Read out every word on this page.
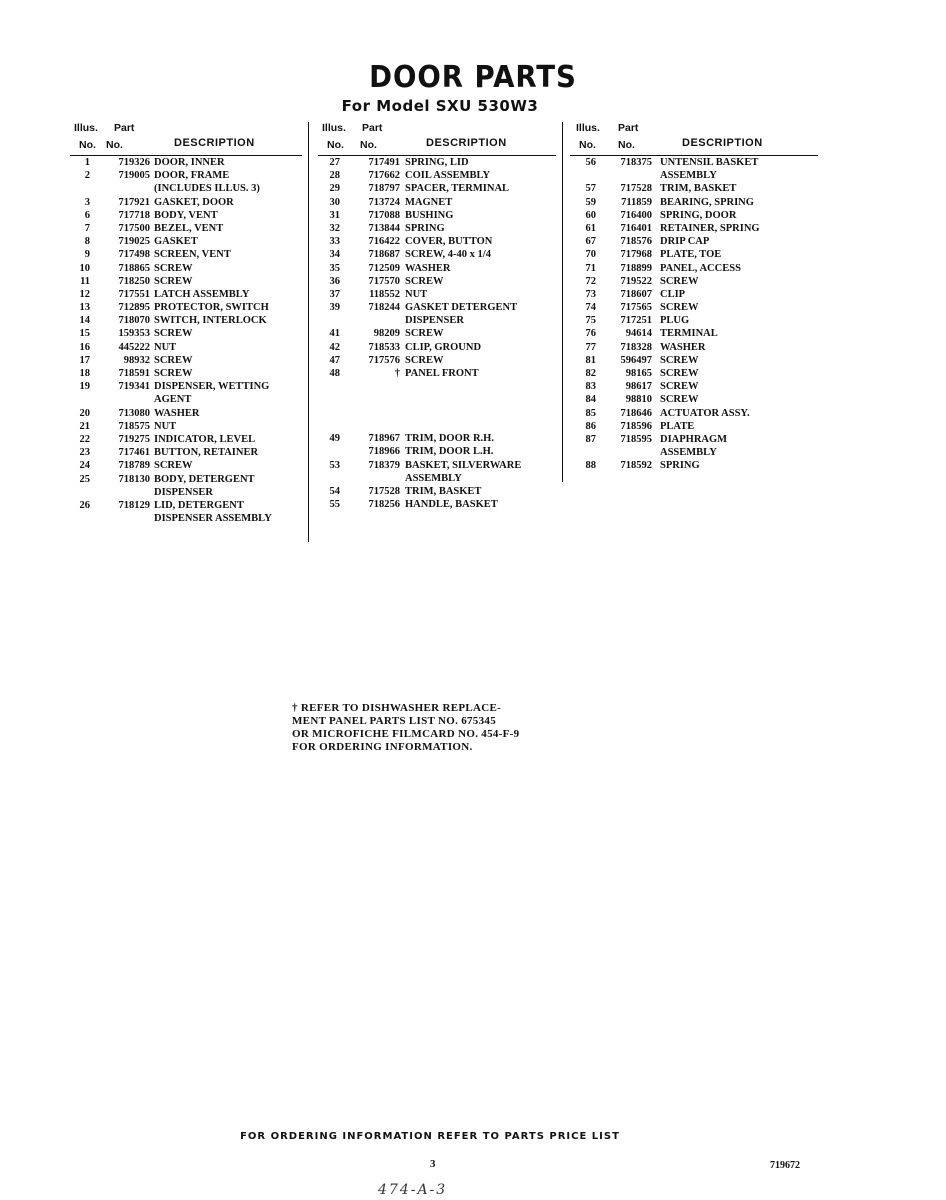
DOOR PARTS
For Model SXU 530W3
Illus. Part
No. No.	DESCRIPTION
1	719326 DOOR, INNER
2	719005 DOOR, FRAME
(INCLUDES ILLUS. 3)
3	717921 GASKET, DOOR
6	717718 BODY, VENT
7	717500 BEZEL, VENT
8	719025 GASKET
9	717498 SCREEN, VENT
10	718865 SCREW
11	718250 SCREW
12	717551 LATCH ASSEMBLY
13	712895 PROTECTOR, SWITCH
14	718070 SWITCH, INTERLOCK
15	159353 SCREW
16	445222 NUT
17	98932 SCREW
18	718591 SCREW
19	719341 DISPENSER, WETTING
AGENT
20	713080 WASHER
21	718575 NUT
22	719275 INDICATOR, LEVEL
23	717461 BUTTON, RETAINER
24	718789 SCREW
25	718130 BODY, DETERGENT
DISPENSER
26	718129 LID, DETERGENT
DISPENSER ASSEMBLY
Illus. Part
No. No.	DESCRIPTION
27	717491 SPRING, LID
28	717662 COIL ASSEMBLY
29	718797 SPACER, TERMINAL
30	713724 MAGNET
31	717088 BUSHING
32	713844 SPRING
33	716422 COVER, BUTTON
34	718687 SCREW, 4-40 x 1/4
35	712509 WASHER
36	717570 SCREW
37	118552 NUT
39	718244 GASKET DETERGENT
DISPENSER
41	98209 SCREW
42	718533 CLIP, GROUND
47	717576 SCREW
48	† PANEL FRONT
49	718967 TRIM, DOOR R.H.
718966 TRIM, DOOR L.H.
53	718379 BASKET, SILVERWARE
ASSEMBLY
54	717528 TRIM, BASKET
55	718256 HANDLE, BASKET
Illus. Part
No. No.	DESCRIPTION
56	718375 UNTENSIL BASKET
ASSEMBLY
57	717528 TRIM, BASKET
59	711859 BEARING, SPRING
60	716400 SPRING, DOOR
61	716401 RETAINER, SPRING
67	718576 DRIP CAP
70	717968 PLATE, TOE
71	718899 PANEL, ACCESS
72	719522 SCREW
73	718607 CLIP
74	717565 SCREW
75	717251 PLUG
76	94614 TERMINAL
77	718328 WASHER
81	596497 SCREW
82	98165 SCREW
83	98617 SCREW
84	98810 SCREW
85	718646 ACTUATOR ASSY.
86	718596 PLATE
87	718595 DIAPHRAGM
ASSEMBLY
88	718592 SPRING
† REFER TO DISHWASHER REPLACE-
MENT PANEL PARTS LIST NO. 675345
OR MICROFICHE FILMCARD NO. 454-F-9
FOR ORDERING INFORMATION.
FOR ORDERING INFORMATION REFER TO PARTS PRICE LIST
3	719672
474-A-3
